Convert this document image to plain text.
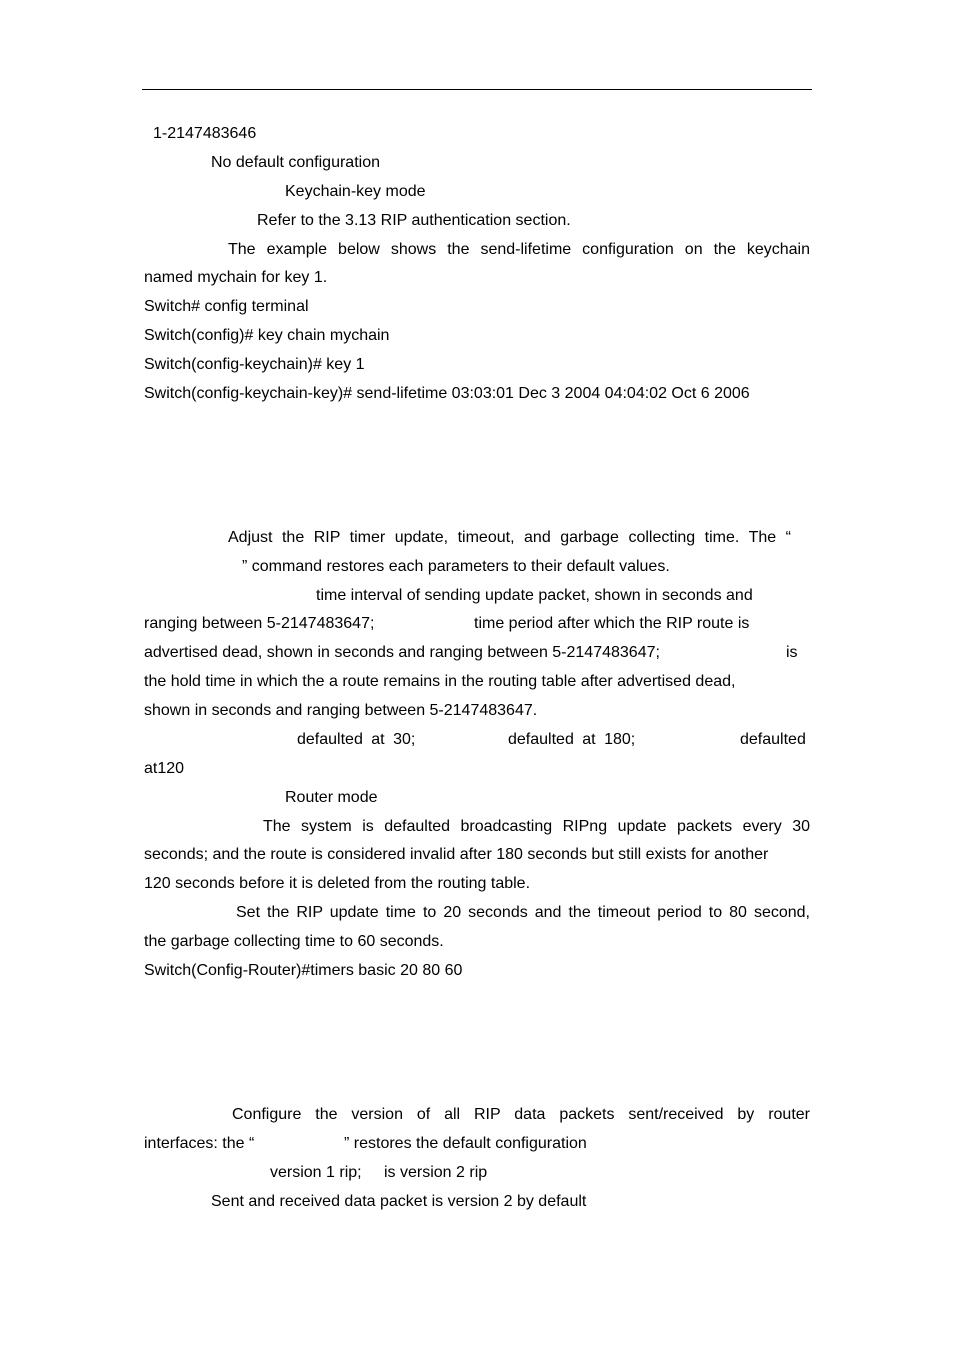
1-2147483646

No default configuration

Keychain-key mode

Refer to the 3.13 RIP authentication section.

The example below shows the send-lifetime configuration on the keychain

named mychain for key 1.

Switch# config terminal

Switch(config)# key chain mychain

Switch(config-keychain)# key 1

Switch(config-keychain-key)# send-lifetime 03:03:01 Dec 3 2004 04:04:02 Oct 6 2006

Adjust the RIP timer update, timeout, and garbage collecting time. The “

” command restores each parameters to their default values.

time interval of sending update packet, shown in seconds and

ranging between 5-2147483647;	time period after which the RIP route is

advertised dead, shown in seconds and ranging between 5-2147483647;	is

the hold time in which the a route remains in the routing table after advertised dead,

shown in seconds and ranging between 5-2147483647.

defaulted at 30;	defaulted at 180;	defaulted

at120

Router mode

The system is defaulted broadcasting RIPng update packets every 30

seconds; and the route is considered invalid after 180 seconds but still exists for another

120 seconds before it is deleted from the routing table.

Set the RIP update time to 20 seconds and the timeout period to 80 second,

the garbage collecting time to 60 seconds.

Switch(Config-Router)#timers basic 20 80 60

Configure the version of all RIP data packets sent/received by router

interfaces: the “	” restores the default configuration

version 1 rip; is version 2 rip

Sent and received data packet is version 2 by default
